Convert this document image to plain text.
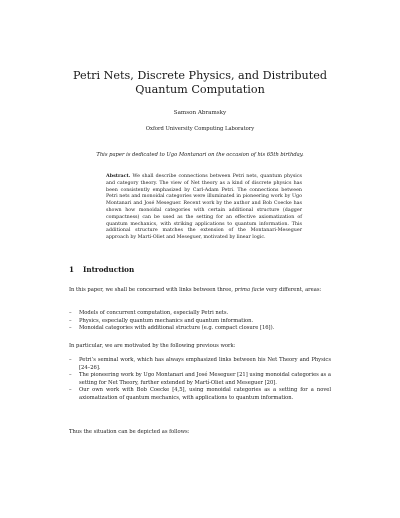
Petri Nets, Discrete Physics, and Distributed
Quantum Computation
Samson Abramsky
Oxford University Computing Laboratory
This paper is dedicated to Ugo Montanari on the occasion of his 65th birthday.

Abstract. We shall describe connections between Petri nets, quantum physics and category theory. The view of Net theory as a kind of discrete physics has been consistently emphasized by Carl-Adam Petri. The connections between Petri nets and monoidal categories were illuminated in pioneering work by Ugo Montanari and José Meseguer. Recent work by the author and Bob Coecke has shown how monoidal categories with certain additional structure (dagger compactness) can be used as the setting for an effective axiomatization of quantum mechanics, with striking applications to quantum information. This additional structure matches the extension of the Montanari-Meseguer approach by Martí-Oliet and Meseguer, motivated by linear logic.

1 Introduction

In this paper, we shall be concerned with links between three, prima facie very different, areas:

– Models of concurrent computation, especially Petri nets.
– Physics, especially quantum mechanics and quantum information.
– Monoidal categories with additional structure (e.g. compact closure [16]).

In particular, we are motivated by the following previous work:

– Petri’s seminal work, which has always emphasized links between his Net Theory and Physics [24–26].
– The pioneering work by Ugo Montanari and José Meseguer [21] using monoidal categories as a setting for Net Theory, further extended by Martí-Oliet and Meseguer [20].
– Our own work with Bob Coecke [4,5], using monoidal categories as a setting for a novel axiomatization of quantum mechanics, with applications to quantum information.

Thus the situation can be depicted as follows:
